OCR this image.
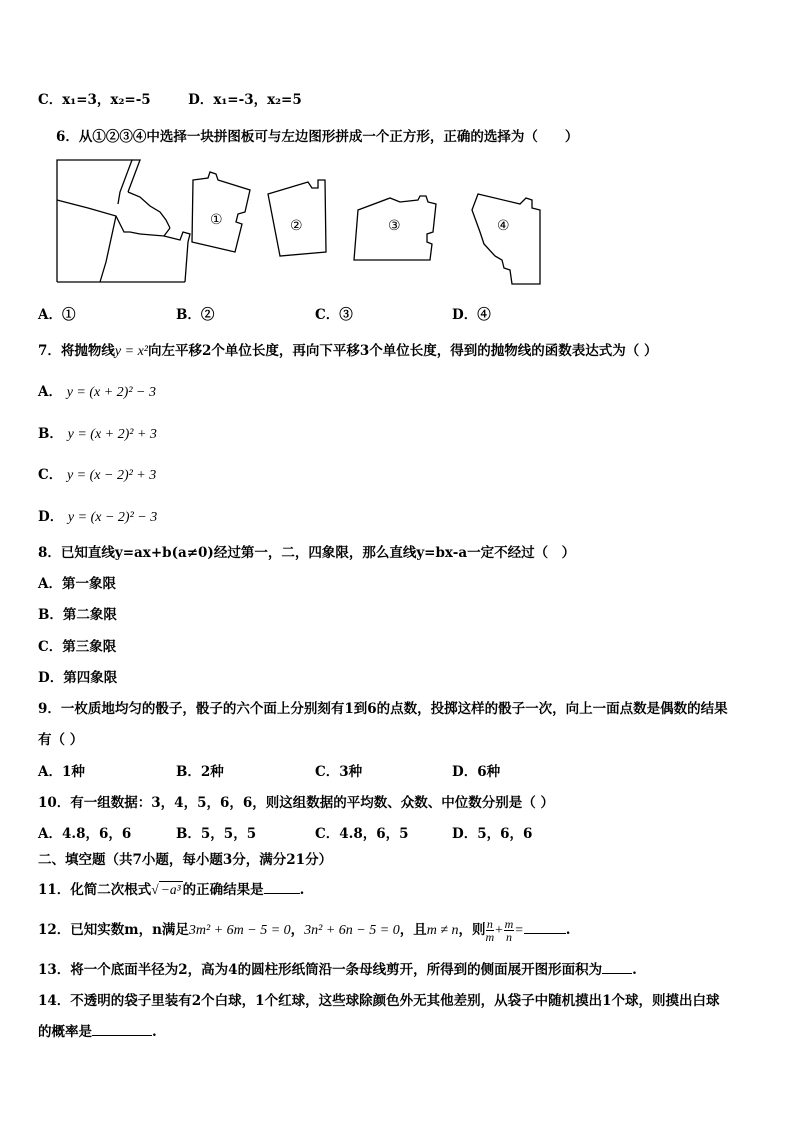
C．x₁=3，x₂=-5	D．x₁=-3，x₂=5
6．从①②③④中选择一块拼图板可与左边图形拼成一个正方形，正确的选择为（　　）
①	②	③	④
A．①	B．②	C．③	D．④
7．将抛物线y = x²向左平移2个单位长度，再向下平移3个单位长度，得到的抛物线的函数表达式为（ ）
A． y = (x + 2)² − 3
B． y = (x + 2)² + 3
C． y = (x − 2)² + 3
D． y = (x − 2)² − 3
8．已知直线y=ax+b(a≠0)经过第一，二，四象限，那么直线y=bx-a一定不经过（　）
A．第一象限
B．第二象限
C．第三象限
D．第四象限
9．一枚质地均匀的骰子，骰子的六个面上分别刻有1到6的点数，投掷这样的骰子一次，向上一面点数是偶数的结果
有（ ）
A．1种	B．2种	C．3种	D．6种
10．有一组数据：3，4，5，6，6，则这组数据的平均数、众数、中位数分别是（ ）
A．4.8，6，6	B．5，5，5	C．4.8，6，5	D．5，6，6
二、填空题（共7小题，每小题3分，满分21分）
11．化简二次根式√ −a³ 的正确结果是	.
12．已知实数m，n满足3m² + 6m − 5 = 0，3n² + 6n − 5 = 0，且m ≠ n，则 $\frac{n}{m} + \frac{m}{n}$ =	.
13．将一个底面半径为2，高为4的圆柱形纸筒沿一条母线剪开，所得到的侧面展开图形面积为 .
14．不透明的袋子里装有2个白球，1个红球，这些球除颜色外无其他差别，从袋子中随机摸出1个球，则摸出白球
的概率是	.
